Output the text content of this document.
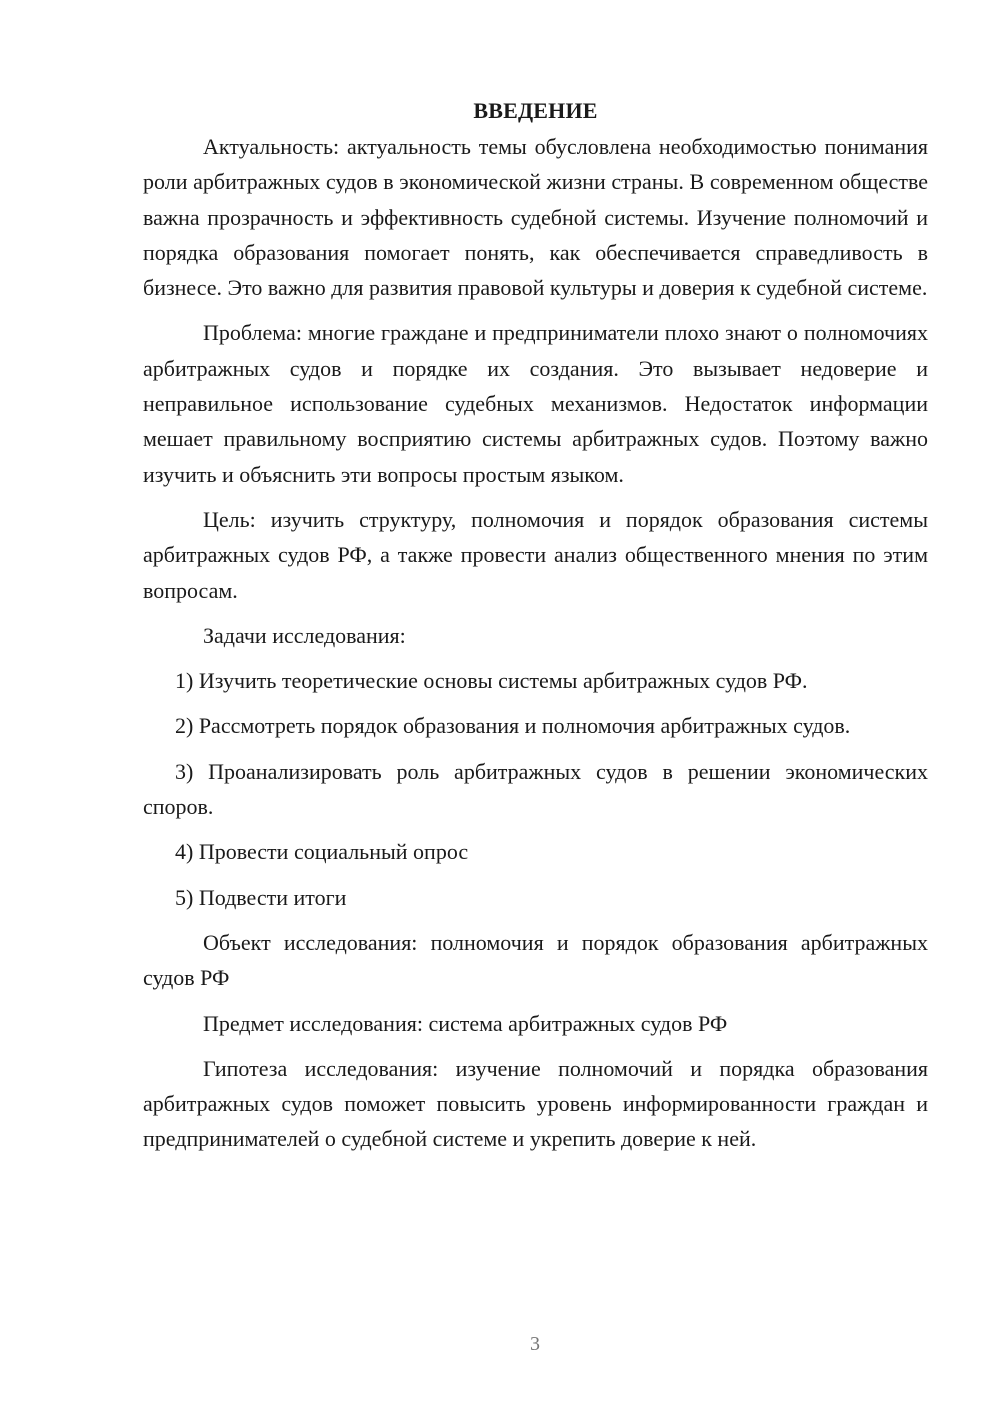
ВВЕДЕНИЕ

Актуальность: актуальность темы обусловлена необходимостью понимания роли арбитражных судов в экономической жизни страны. В современном обществе важна прозрачность и эффективность судебной системы. Изучение полномочий и порядка образования помогает понять, как обеспечивается справедливость в бизнесе. Это важно для развития правовой культуры и доверия к судебной системе.

Проблема: многие граждане и предприниматели плохо знают о полномочиях арбитражных судов и порядке их создания. Это вызывает недоверие и неправильное использование судебных механизмов. Недостаток информации мешает правильному восприятию системы арбитражных судов. Поэтому важно изучить и объяснить эти вопросы простым языком.

Цель: изучить структуру, полномочия и порядок образования системы арбитражных судов РФ, а также провести анализ общественного мнения по этим вопросам.

Задачи исследования:

1) Изучить теоретические основы системы арбитражных судов РФ.

2) Рассмотреть порядок образования и полномочия арбитражных судов.

3) Проанализировать роль арбитражных судов в решении экономических споров.

4) Провести социальный опрос

5) Подвести итоги

Объект исследования: полномочия и порядок образования арбитражных судов РФ

Предмет исследования: система арбитражных судов РФ

Гипотеза исследования: изучение полномочий и порядка образования арбитражных судов поможет повысить уровень информированности граждан и предпринимателей о судебной системе и укрепить доверие к ней.

3
